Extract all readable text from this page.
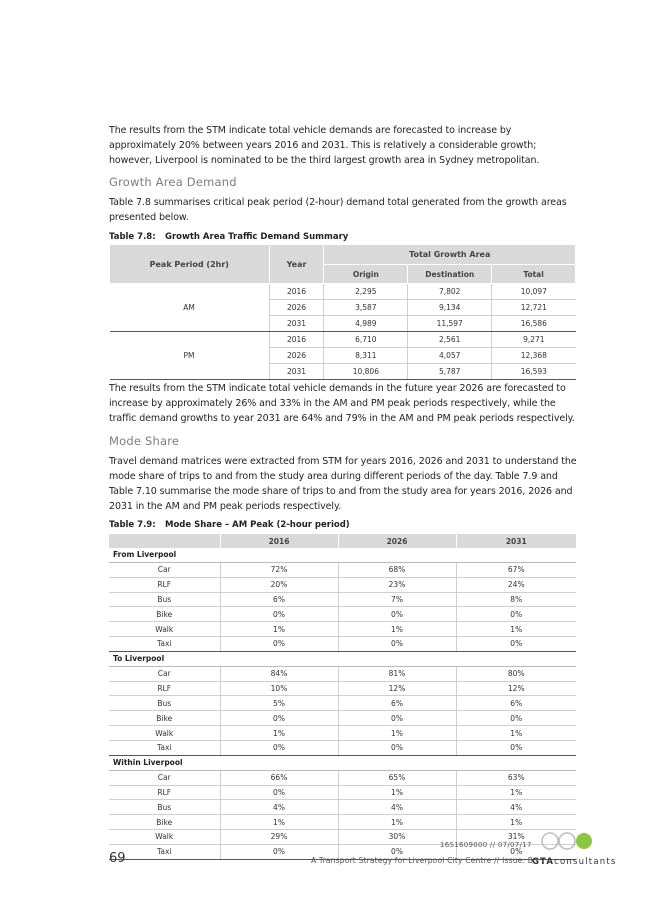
The results from the STM indicate total vehicle demands are forecasted to increase by approximately 20% between years 2016 and 2031. This is relatively a considerable growth; however, Liverpool is nominated to be the third largest growth area in Sydney metropolitan.

Growth Area Demand

Table 7.8 summarises critical peak period (2-hour) demand total generated from the growth areas presented below.

Table 7.8: Growth Area Traffic Demand Summary
Peak Period (2hr)	Year	Total Growth Area		
		Origin	Destination	Total
AM	2016	2,295	7,802	10,097
	2026	3,587	9,134	12,721
	2031	4,989	11,597	16,586
PM	2016	6,710	2,561	9,271
	2026	8,311	4,057	12,368
	2031	10,806	5,787	16,593

The results from the STM indicate total vehicle demands in the future year 2026 are forecasted to increase by approximately 26% and 33% in the AM and PM peak periods respectively, while the traffic demand growths to year 2031 are 64% and 79% in the AM and PM peak periods respectively.

Mode Share

Travel demand matrices were extracted from STM for years 2016, 2026 and 2031 to understand the mode share of trips to and from the study area during different periods of the day. Table 7.9 and Table 7.10 summarise the mode share of trips to and from the study area for years 2016, 2026 and 2031 in the AM and PM peak periods respectively.

Table 7.9: Mode Share – AM Peak (2-hour period)
	2016	2026	2031
From Liverpool			
Car	72%	68%	67%
RLF	20%	23%	24%
Bus	6%	7%	8%
Bike	0%	0%	0%
Walk	1%	1%	1%
Taxi	0%	0%	0%
To Liverpool			
Car	84%	81%	80%
RLF	10%	12%	12%
Bus	5%	6%	6%
Bike	0%	0%	0%
Walk	1%	1%	1%
Taxi	0%	0%	0%
Within Liverpool			
Car	66%	65%	63%
RLF	0%	1%	1%
Bus	4%	4%	4%
Bike	1%	1%	1%
Walk	29%	30%	31%
Taxi	0%	0%	0%
69
16S1609000 // 07/07/17
A Transport Strategy for Liverpool City Centre // Issue: B
GTAconsultants
